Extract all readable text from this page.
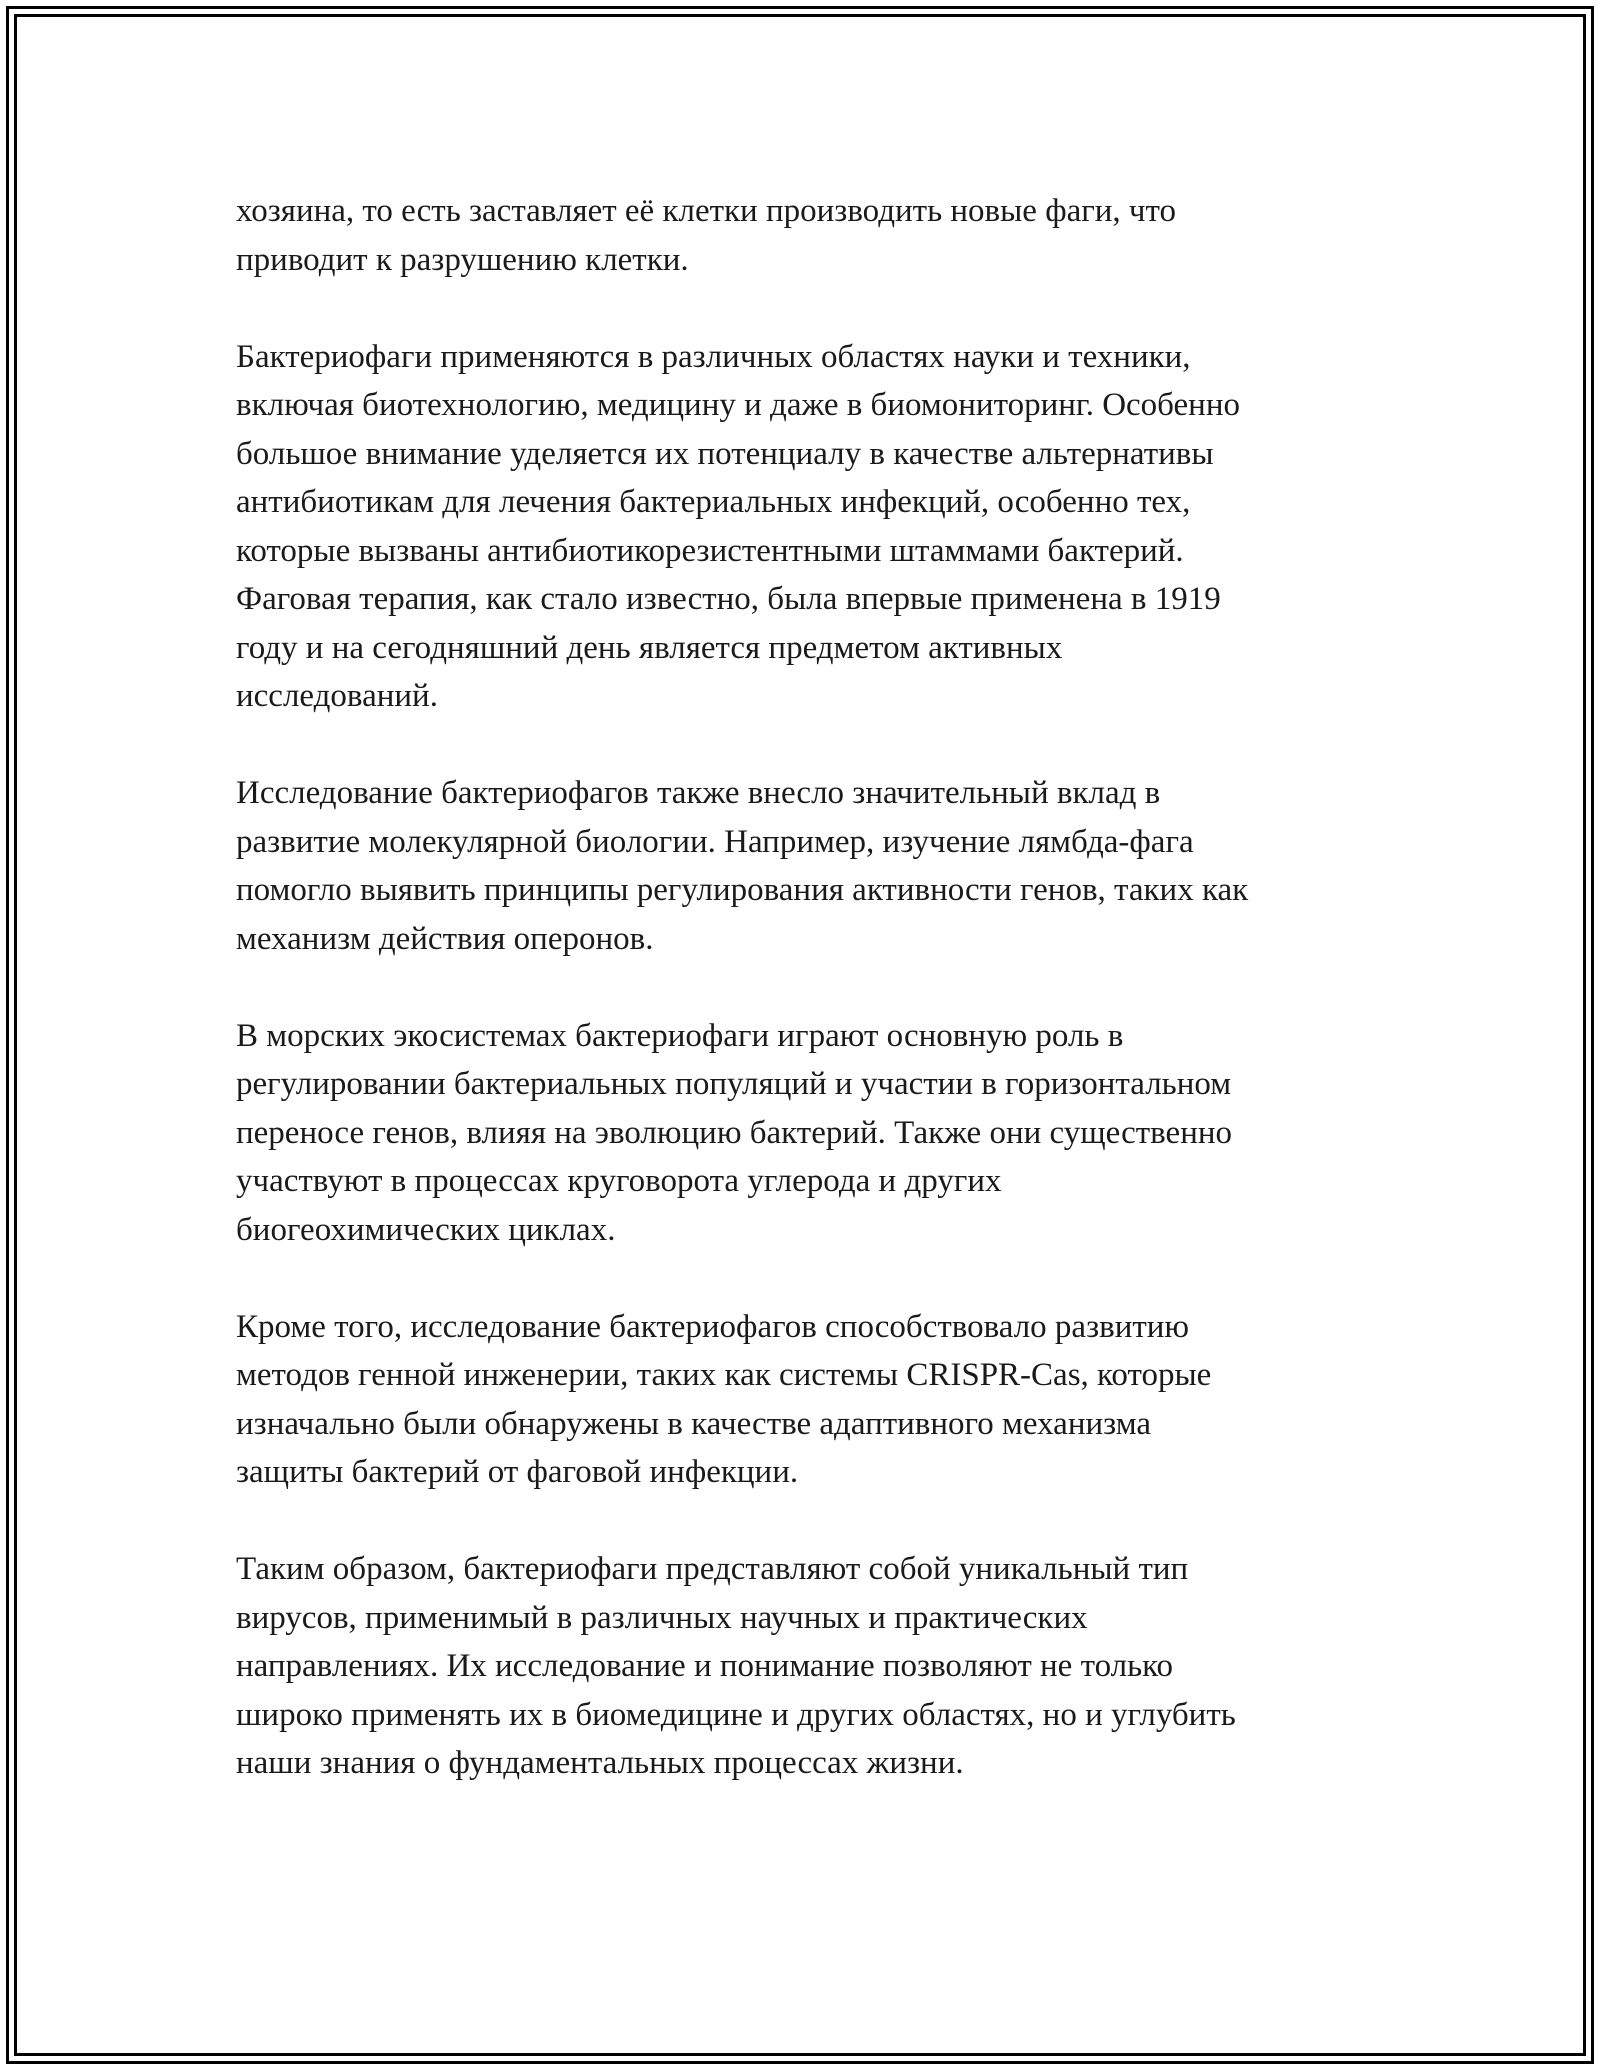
хозяина, то есть заставляет её клетки производить новые фаги, что
приводит к разрушению клетки.

Бактериофаги применяются в различных областях науки и техники,
включая биотехнологию, медицину и даже в биомониторинг. Особенно
большое внимание уделяется их потенциалу в качестве альтернативы
антибиотикам для лечения бактериальных инфекций, особенно тех,
которые вызваны антибиотикорезистентными штаммами бактерий.
Фаговая терапия, как стало известно, была впервые применена в 1919
году и на сегодняшний день является предметом активных
исследований.

Исследование бактериофагов также внесло значительный вклад в
развитие молекулярной биологии. Например, изучение лямбда-фага
помогло выявить принципы регулирования активности генов, таких как
механизм действия оперонов.

В морских экосистемах бактериофаги играют основную роль в
регулировании бактериальных популяций и участии в горизонтальном
переносе генов, влияя на эволюцию бактерий. Также они существенно
участвуют в процессах круговорота углерода и других
биогеохимических циклах.

Кроме того, исследование бактериофагов способствовало развитию
методов генной инженерии, таких как системы CRISPR-Cas, которые
изначально были обнаружены в качестве адаптивного механизма
защиты бактерий от фаговой инфекции.

Таким образом, бактериофаги представляют собой уникальный тип
вирусов, применимый в различных научных и практических
направлениях. Их исследование и понимание позволяют не только
широко применять их в биомедицине и других областях, но и углубить
наши знания о фундаментальных процессах жизни.
